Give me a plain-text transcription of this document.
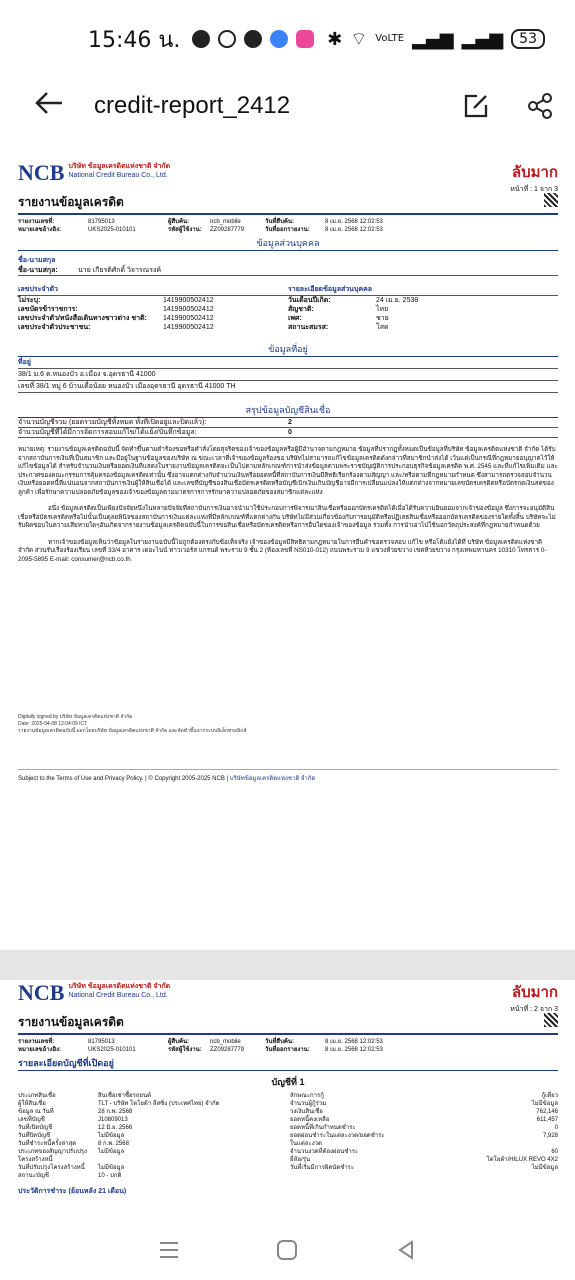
15:46 น.	✱ ⌔ VoLTE ▂▄▆ ▂▄▆	53
credit-report_2412
NCB บริษัท ข้อมูลเครดิตแห่งชาติ จำกัด
National Credit Bureau Co., Ltd.	ลับมาก
หน้าที่ : 1 จาก 3
รายงานข้อมูลเครดิต
รายงานเลขที่:	81795013	ผู้สืบค้น:	ncb_mobile	วันที่สืบค้น:	8 เม.ย. 2568 12:02:53
หมายเลขอ้างอิง:	UKS2025-010101	รหัสผู้ใช้งาน:	ZZ09287779	วันที่ออกรายงาน:	8 เม.ย. 2568 12:02:53
ข้อมูลส่วนบุคคล
ชื่อ-นามสกุล
ชื่อ-นามสกุล:	นาย เกียรติศักดิ์ วิจารณรงค์
เลขประจำตัว
ไม่ระบุ:	1419900502412
เลขบัตรข้าราชการ:	1419900502412
เลขประจำตัว/หนังสือเดินทางชาวต่าง ชาติ:	1419900502412
เลขประจำตัวประชาชน:	1419900502412
รายละเอียดข้อมูลส่วนบุคคล
วันเดือนปีเกิด:	24 เม.ย. 2538
สัญชาติ:	ไทย
เพศ:	ชาย
สถานะสมรส:	โสด
ข้อมูลที่อยู่
ที่อยู่
38/1 ม.6 ต.หนองบัว อ.เมือง จ.อุดรธานี 41000
เลขที่ 38/1 หมู่ 6 บ้านเดื่อน้อย หนองบัว เมืองอุดรธานี อุดรธานี 41000 TH
สรุปข้อมูลบัญชีสินเชื่อ
จำนวนบัญชีรวม (ยอดรวมบัญชีทั้งหมด ทั้งที่เปิดอยู่และปิดแล้ว):	2
จำนวนบัญชีที่ได้มีการจัดการสอบแก้ไข/โต้แย้ง/บันทึกข้อมูล:	0
หมายเหตุ: รายงานข้อมูลเครดิตฉบับนี้ จัดทำขึ้นตามคำร้องขอหรือคำสั่งโดยสุจริตของเจ้าของข้อมูลหรือผู้มีอำนาจตามกฎหมาย ข้อมูลที่ปรากฏทั้งหมดเป็นข้อมูลที่บริษัท ข้อมูลเครดิตแห่งชาติ จำกัด ได้รับจากสถาบันการเงินที่เป็นสมาชิก และมีอยู่ในฐานข้อมูลของบริษัท ณ ขณะเวลาที่เจ้าของข้อมูลร้องขอ บริษัทไม่สามารถแก้ไขข้อมูลเครดิตดังกล่าวที่สมาชิกนำส่งได้ เว้นแต่เป็นกรณีที่กฎหมายอนุญาตไว้ให้แก้ไขข้อมูลได้ สำหรับจำนวนเงินหรือยอดเงินที่แสดงในรายงานข้อมูลเครดิตจะเป็นไปตามหลักเกณฑ์การนำส่งข้อมูลตามพระราชบัญญัติการประกอบธุรกิจข้อมูลเครดิต พ.ศ. 2545 และที่แก้ไขเพิ่มเติม และประกาศของคณะกรรมการคุ้มครองข้อมูลเครดิตเท่านั้น ซึ่งอาจแตกต่างกับจำนวนเงินหรือยอดหนี้ที่สถาบันการเงินมีสิทธิเรียกร้องตามสัญญา และ/หรือตามที่กฎหมายกำหนด ซึ่งสามารถตรวจสอบจำนวนเงินหรือยอดหนี้ที่แน่นอนจากสถาบันการเงินผู้ให้สินเชื่อได้ และเลขที่บัญชีของสินเชื่อบัตรเครดิตหรือบัญชีเบิกเงินเกินบัญชีอาจมีการเปลี่ยนแปลงให้แตกต่างจากหมายเลขบัตรเครดิตหรือบัตรกดเงินสดของลูกค้า เพื่อรักษาความปลอดภัยข้อมูลของเจ้าของข้อมูลตามมาตรการการรักษาความปลอดภัยของสมาชิกแต่ละแห่ง
อนึ่ง ข้อมูลเครดิตเป็นเพียงปัจจัยหนึ่งในหลายปัจจัยที่สถาบันการเงินอาจนำมาใช้ประกอบการพิจารณาสินเชื่อหรือออกบัตรเครดิตได้เมื่อได้รับความยินยอมจากเจ้าของข้อมูล ซึ่งการจะอนุมัติสินเชื่อหรือบัตรเครดิตหรือไม่นั้นเป็นดุลยพินิจของสถาบันการเงินแต่ละแห่งที่มีหลักเกณฑ์ที่แตกต่างกัน บริษัทไม่มีส่วนเกี่ยวข้องกับการอนุมัติหรือปฏิเสธสินเชื่อหรือออกบัตรเครดิตของรายใดทั้งสิ้น บริษัทจะไม่รับผิดชอบในความเสียหายใดๆอันเกิดจากรายงานข้อมูลเครดิตฉบับนี้ในการขอสินเชื่อหรือบัตรเครดิตหรือการอื่นใดของเจ้าของข้อมูล รวมทั้ง การนำเอาไปใช้นอกวัตถุประสงค์ที่กฎหมายกำหนดด้วย
หากเจ้าของข้อมูลเห็นว่าข้อมูลในรายงานฉบับนี้ไม่ถูกต้องตรงกับข้อเท็จจริง เจ้าของข้อมูลมีสิทธิตามกฎหมายในการยื่นคำขอตรวจสอบ แก้ไข หรือโต้แย้งได้ที่ บริษัท ข้อมูลเครดิตแห่งชาติ จำกัด ส่วนรับเรื่องร้องเรียน เลขที่ 33/4 อาคาร เดอะไนน์ ทาวเวอร์ส แกรนด์ พระราม 9 ชั้น 2 (ห้องเลขที่ NS010-012) ถนนพระราม 9 แขวงห้วยขวาง เขตห้วยขวาง กรุงเทพมหานคร 10310 โทรสาร 0-2095-5895 E-mail: consumer@ncb.co.th
Digitally signed by บริษัท ข้อมูลเครดิตแห่งชาติ จำกัด
Date: 2025-04-08 12:04:09 ICT
รายงานข้อมูลเครดิตฉบับนี้ ออกโดยบริษัท ข้อมูลเครดิตแห่งชาติ จำกัด และจัดทำขึ้นจากระบบอิเล็กทรอนิกส์
Subject to the Terms of Use and Privacy Policy. | © Copyright 2005-2025 NCB | บริษัทข้อมูลเครดิตแห่งชาติ จำกัด
NCB บริษัท ข้อมูลเครดิตแห่งชาติ จำกัด
National Credit Bureau Co., Ltd.	ลับมาก
หน้าที่ : 2 จาก 3
รายงานข้อมูลเครดิต
รายงานเลขที่:	81795013	ผู้สืบค้น:	ncb_mobile	วันที่สืบค้น:	8 เม.ย. 2568 12:02:53
หมายเลขอ้างอิง:	UKS2025-010101	รหัสผู้ใช้งาน:	ZZ09287779	วันที่ออกรายงาน:	8 เม.ย. 2568 12:02:53
รายละเอียดบัญชีที่เปิดอยู่
บัญชีที่ 1
ประเภทสินเชื่อ	สินเชื่อเช่าซื้อรถยนต์
ผู้ให้สินเชื่อ	TLT - บริษัท โตโยต้า ลีสซิ่ง (ประเทศไทย) จำกัด
ข้อมูล ณ วันที่	28 ก.พ. 2568
เลขที่บัญชี	J10809013
วันที่เปิดบัญชี	12 มิ.ย. 2566
วันที่ปิดบัญชี	ไม่มีข้อมูล
วันที่ชำระหนี้ครั้งล่าสุด	8 ก.พ. 2568
ประเภทของสัญญาปรับปรุงโครงสร้างหนี้
ไม่มีข้อมูล
วันที่ปรับปรุงโครงสร้างหนี้	ไม่มีข้อมูล
สถานะบัญชี	10 - ปกติ
ลักษณะการกู้	กู้เดี่ยว
จำนวนผู้กู้ร่วม	ไม่มีข้อมูล
วงเงินสินเชื่อ	762,146
ยอดหนี้คงเหลือ	611,457
ยอดหนี้ที่เกินกำหนดชำระ	0
ยอดผ่อนชำระในแต่ละงวด/ยอดชำระในแต่ละงวด
7,928
จำนวนงวดที่ต้องผ่อนชำระ	60
ยี่ห้อ/รุ่น	โตโยต้า/HILUX REVO 4X2
วันที่เริ่มมีการผิดนัดชำระ	ไม่มีข้อมูล
ประวัติการชำระ (ย้อนหลัง 21 เดือน)
